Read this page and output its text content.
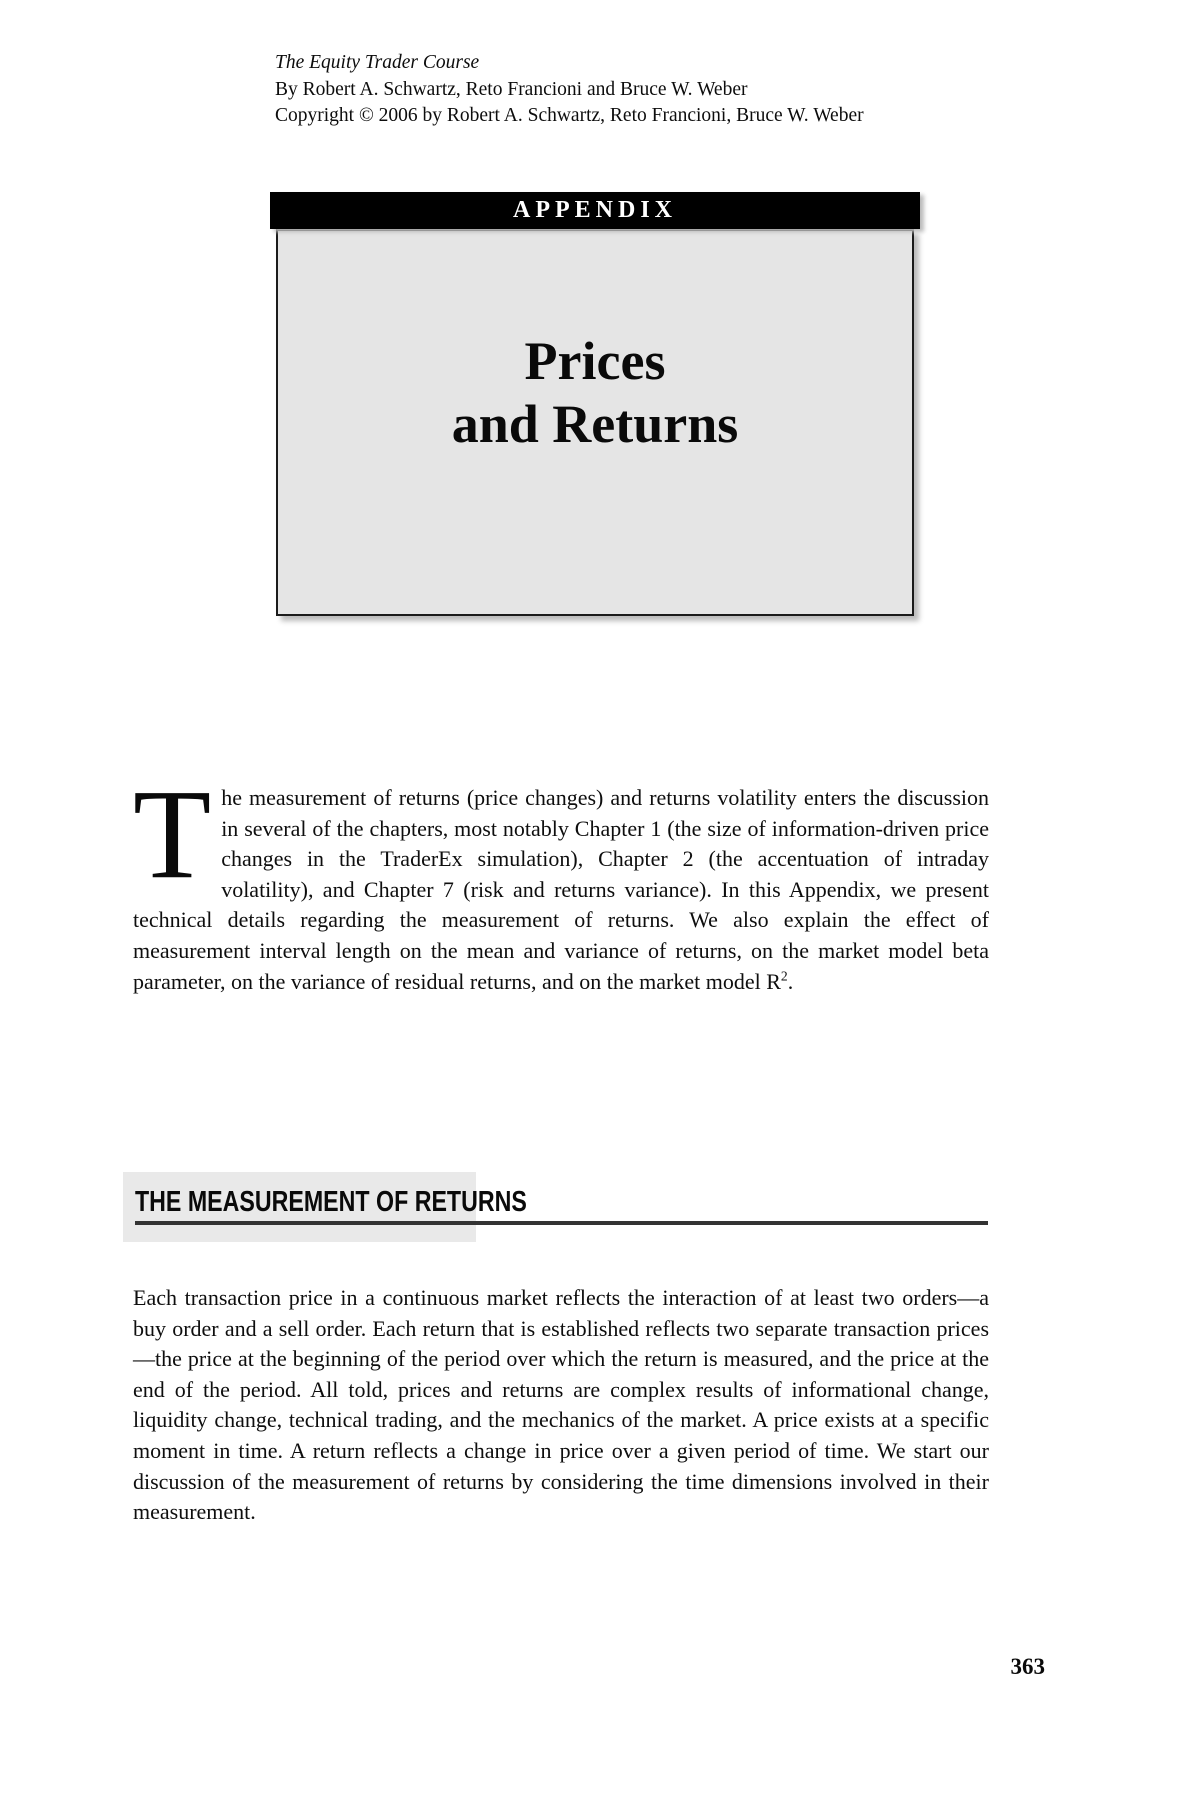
The Equity Trader Course
By Robert A. Schwartz, Reto Francioni and Bruce W. Weber
Copyright © 2006 by Robert A. Schwartz, Reto Francioni, Bruce W. Weber
APPENDIX
Prices
and Returns

The measurement of returns (price changes) and returns volatility enters the discussion in several of the chapters, most notably Chapter 1 (the size of information-driven price changes in the TraderEx simulation), Chapter 2 (the accentuation of intraday volatility), and Chapter 7 (risk and returns variance). In this Appendix, we present technical details regarding the measurement of returns. We also explain the effect of measurement interval length on the mean and variance of returns, on the market model beta parameter, on the variance of residual returns, and on the market model $R^2$.

THE MEASUREMENT OF RETURNS

Each transaction price in a continuous market reflects the interaction of at least two orders—a buy order and a sell order. Each return that is established reflects two separate transaction prices—the price at the beginning of the period over which the return is measured, and the price at the end of the period. All told, prices and returns are complex results of informational change, liquidity change, technical trading, and the mechanics of the market. A price exists at a specific moment in time. A return reflects a change in price over a given period of time. We start our discussion of the measurement of returns by considering the time dimensions involved in their measurement.

363
